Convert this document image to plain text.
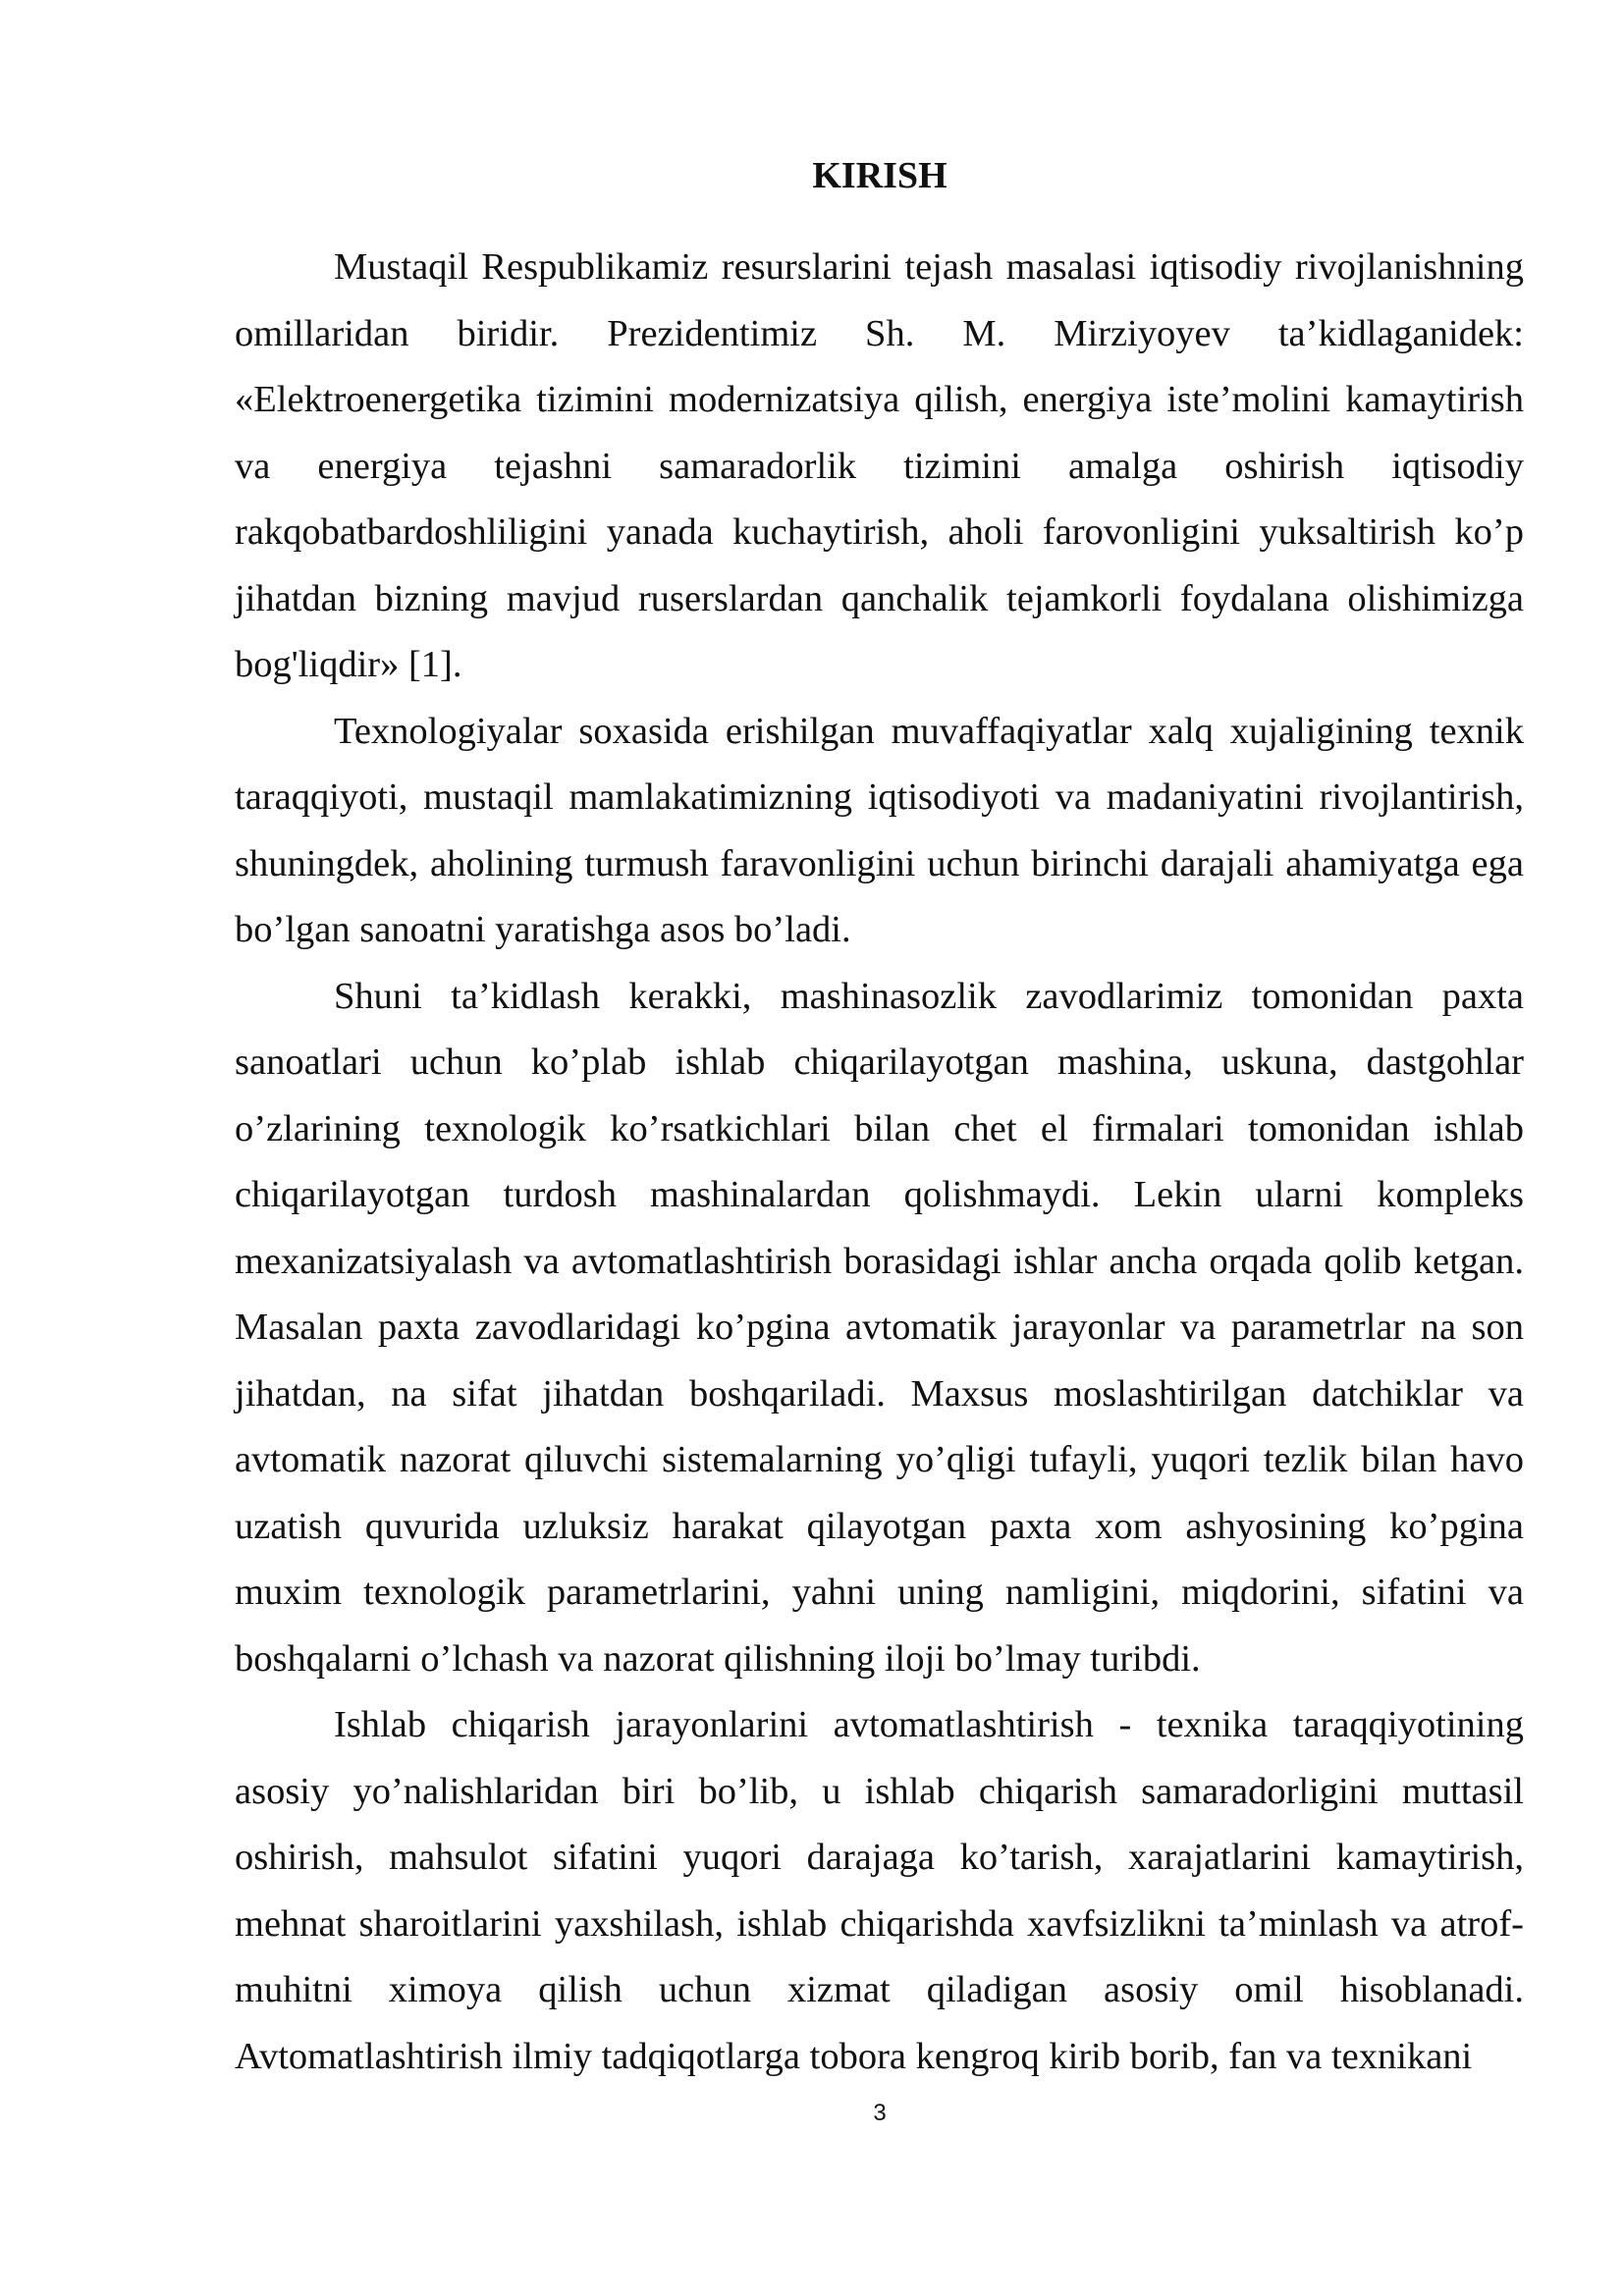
KIRISH

Mustaqil Respublikamiz resurslarini tejash masalasi iqtisodiy rivojlanishning omillaridan biridir. Prezidentimiz Sh. M. Mirziyoyev ta’kidlaganidek: «Elektroenergetika tizimini modernizatsiya qilish, energiya iste’molini kamaytirish va energiya tejashni samaradorlik tizimini amalga oshirish iqtisodiy rakqobatbardoshliligini yanada kuchaytirish, aholi farovonligini yuksaltirish ko’p jihatdan bizning mavjud ruserslardan qanchalik tejamkorli foydalana olishimizga bog'liqdir» [1].

Texnologiyalar soxasida erishilgan muvaffaqiyatlar xalq xujaligining texnik taraqqiyoti, mustaqil mamlakatimizning iqtisodiyoti va madaniyatini rivojlantirish, shuningdek, aholining turmush faravonligini uchun birinchi darajali ahamiyatga ega bo’lgan sanoatni yaratishga asos bo’ladi.

Shuni ta’kidlash kerakki, mashinasozlik zavodlarimiz tomonidan paxta sanoatlari uchun ko’plab ishlab chiqarilayotgan mashina, uskuna, dastgohlar o’zlarining texnologik ko’rsatkichlari bilan chet el firmalari tomonidan ishlab chiqarilayotgan turdosh mashinalardan qolishmaydi. Lekin ularni kompleks mexanizatsiyalash va avtomatlashtirish borasidagi ishlar ancha orqada qolib ketgan. Masalan paxta zavodlaridagi ko’pgina avtomatik jarayonlar va parametrlar na son jihatdan, na sifat jihatdan boshqariladi. Maxsus moslashtirilgan datchiklar va avtomatik nazorat qiluvchi sistemalarning yo’qligi tufayli, yuqori tezlik bilan havo uzatish quvurida uzluksiz harakat qilayotgan paxta xom ashyosining ko’pgina muxim texnologik parametrlarini, yahni uning namligini, miqdorini, sifatini va boshqalarni o’lchash va nazorat qilishning iloji bo’lmay turibdi.

Ishlab chiqarish jarayonlarini avtomatlashtirish - texnika taraqqiyotining asosiy yo’nalishlaridan biri bo’lib, u ishlab chiqarish samaradorligini muttasil oshirish, mahsulot sifatini yuqori darajaga ko’tarish, xarajatlarini kamaytirish, mehnat sharoitlarini yaxshilash, ishlab chiqarishda xavfsizlikni ta’minlash va atrof-muhitni ximoya qilish uchun xizmat qiladigan asosiy omil hisoblanadi. Avtomatlashtirish ilmiy tadqiqotlarga tobora kengroq kirib borib, fan va texnikani

3
